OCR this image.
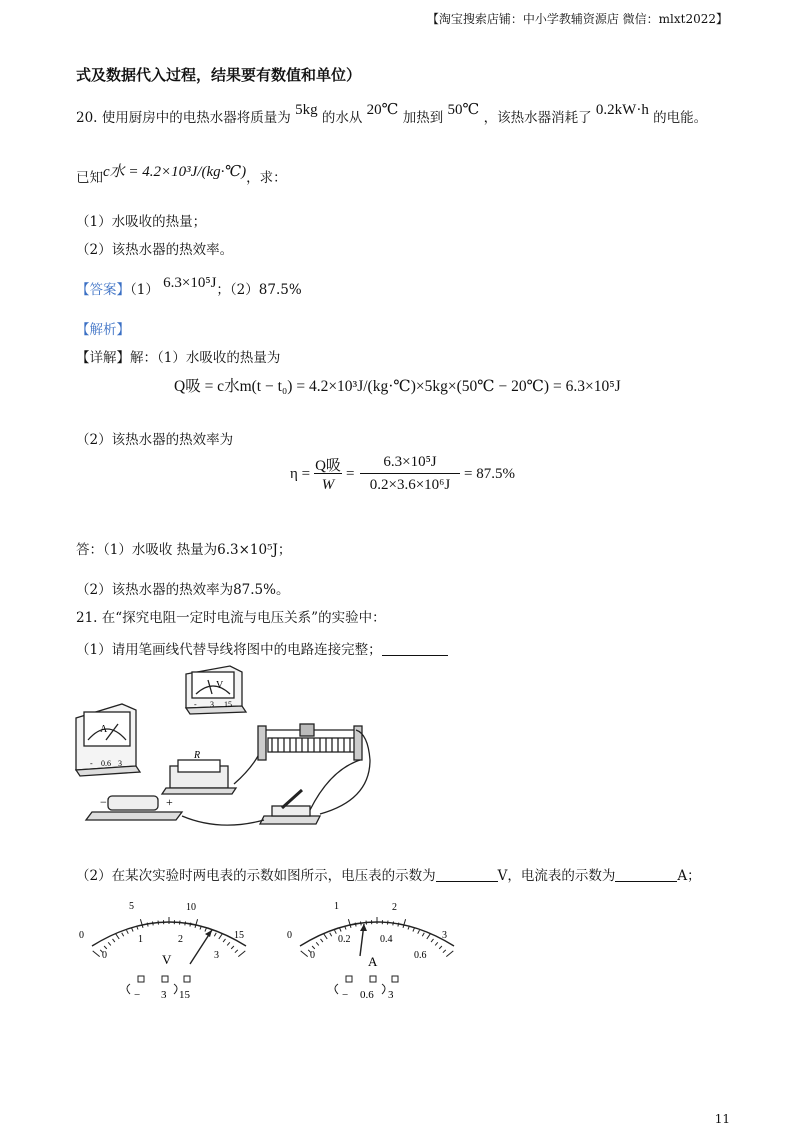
【淘宝搜索店铺：中小学教辅资源店 微信：mlxt2022】
式及数据代入过程，结果要有数值和单位）
20. 使用厨房中的电热水器将质量为 5kg 的水从 20℃ 加热到 50℃ ，该热水器消耗了 0.2kW·h 的电能。
已知c水 = 4.2×10³J/(kg·℃)，求：
（1）水吸收的热量；
（2）该热水器的热效率。
【答案】（1） 6.3×10⁵J；（2）87.5%
【解析】
【详解】解：（1）水吸收的热量为
Q吸 = c水m(t − t₀) = 4.2×10³J/(kg·℃)×5kg×(50℃ − 20℃) = 6.3×10⁵J
（2）该热水器的热效率为
η = Q吸
W
=
6.3×10⁵J
0.2×3.6×10⁶J
= 87.5%
答：（1）水吸收 热量为6.3×10⁵J；
（2）该热水器的热效率为87.5%。
21. 在“探究电阻一定时电流与电压关系”的实验中：
（1）请用笔画线代替导线将图中的电路连接完整；
A
- 0.6 3
V
- 3 15
R
−	+
（2）在某次实验时两电表的示数如图所示，电压表的示数为	V，电流表的示数为	A；
0
5	10
15
0
1	2
3
V
− 3 15
0
1	2
3
0
0.2	0.4
0.6
A
− 0.6 3
11
